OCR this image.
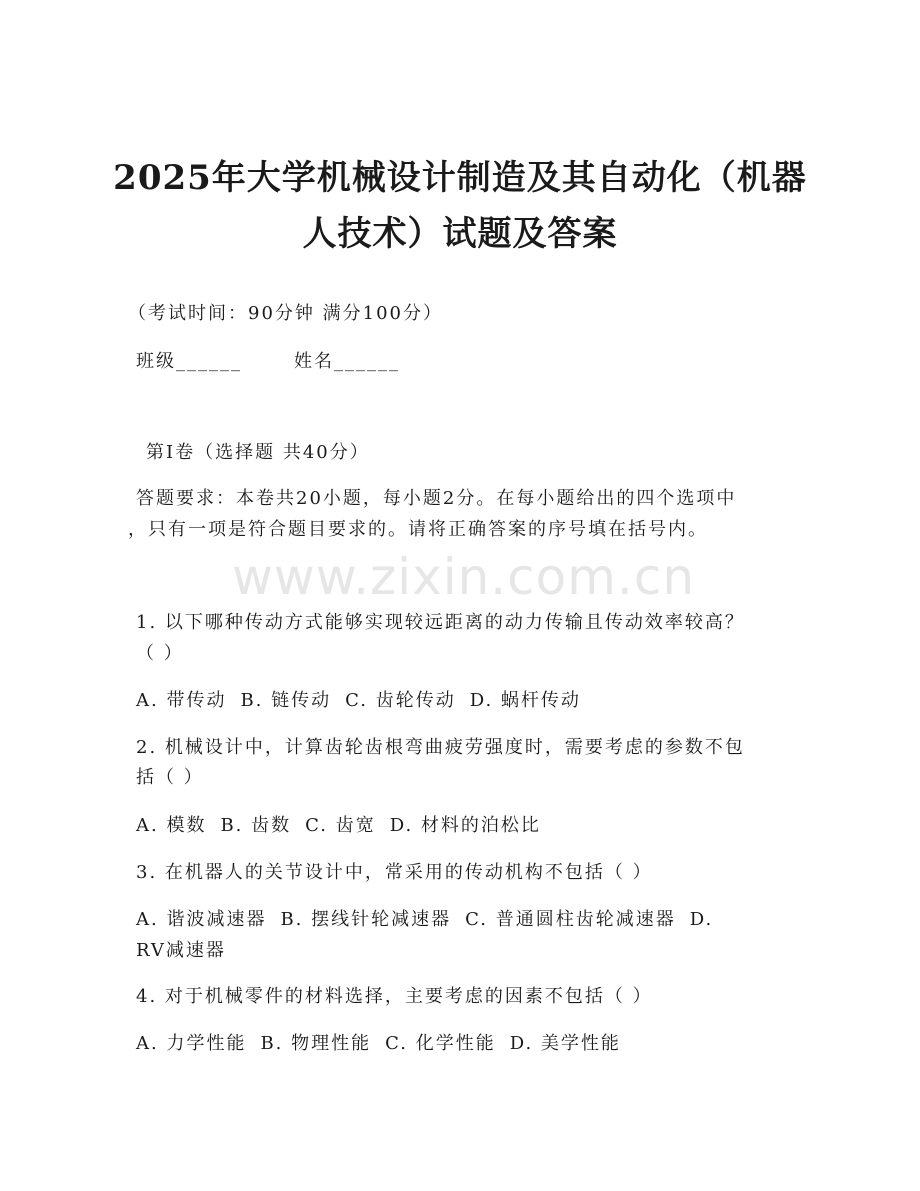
2025年大学机械设计制造及其自动化（机器
人技术）试题及答案

（考试时间：90分钟 满分100分）

班级______	姓名______

第I卷（选择题 共40分）

答题要求：本卷共20小题，每小题2分。在每小题给出的四个选项中

，只有一项是符合题目要求的。请将正确答案的序号填在括号内。

www.zixin.com.cn

1. 以下哪种传动方式能够实现较远距离的动力传输且传动效率较高？

（ ）

A. 带传动 B. 链传动 C. 齿轮传动 D. 蜗杆传动

2. 机械设计中，计算齿轮齿根弯曲疲劳强度时，需要考虑的参数不包

括（ ）

A. 模数 B. 齿数 C. 齿宽 D. 材料的泊松比

3. 在机器人的关节设计中，常采用的传动机构不包括（ ）

A. 谐波减速器 B. 摆线针轮减速器 C. 普通圆柱齿轮减速器 D.

RV减速器

4. 对于机械零件的材料选择，主要考虑的因素不包括（ ）

A. 力学性能 B. 物理性能 C. 化学性能 D. 美学性能
